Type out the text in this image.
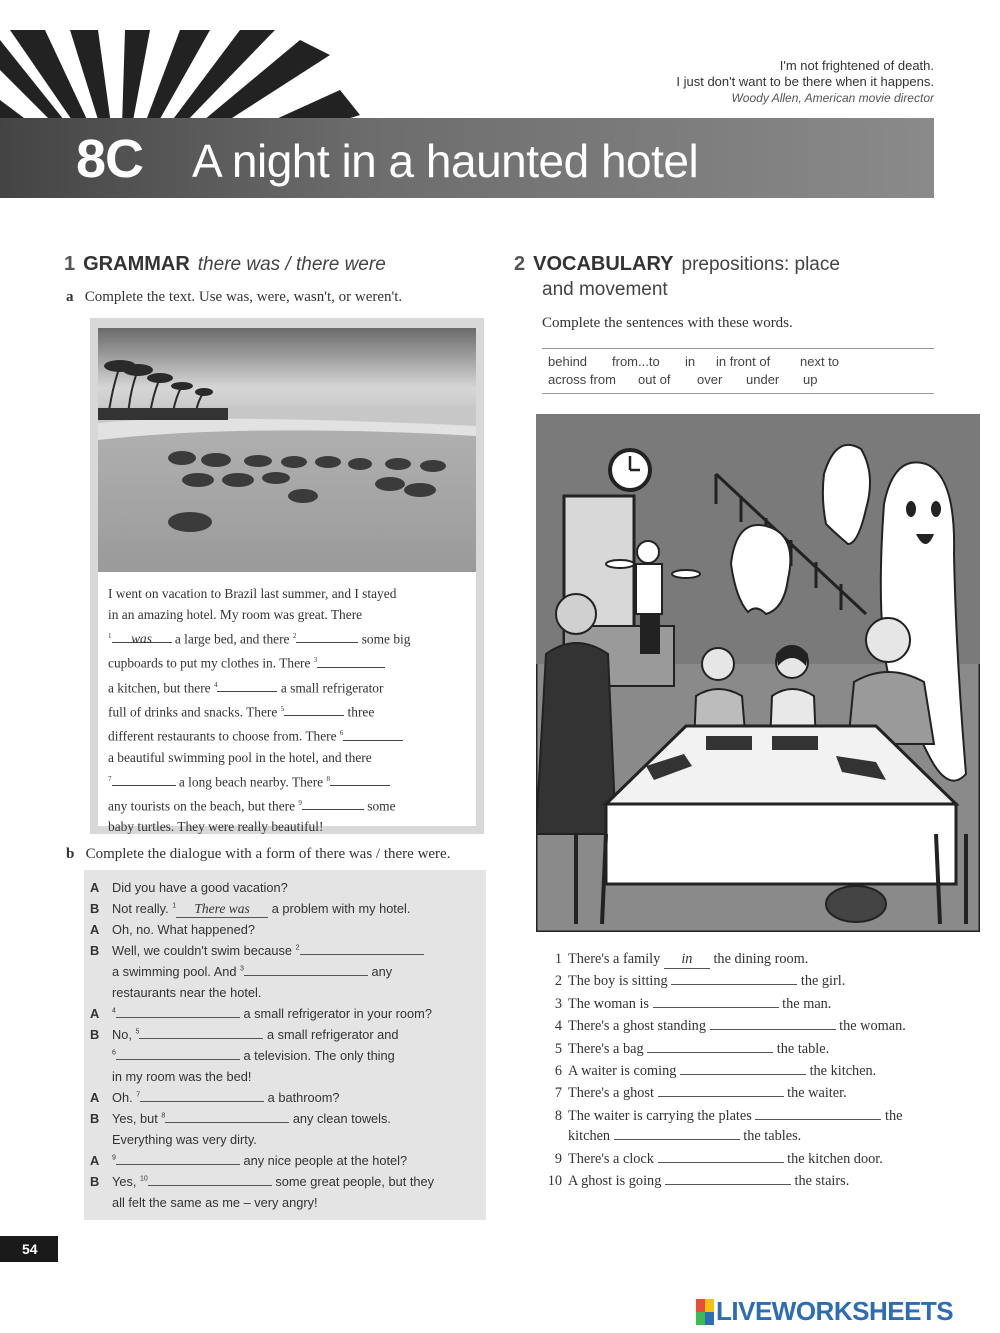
I'm not frightened of death.
I just don't want to be there when it happens.
Woody Allen, American movie director
8C A night in a haunted hotel
1 GRAMMAR there was / there were
a Complete the text. Use was, were, wasn't, or weren't.
I went on vacation to Brazil last summer, and I stayed
in an amazing hotel. My room was great. There
$^1$ was a large bed, and there $^2$	some big
cupboards to put my clothes in. There $^3$
a kitchen, but there $^4$	a small refrigerator
full of drinks and snacks. There $^5$	three
different restaurants to choose from. There $^6$
a beautiful swimming pool in the hotel, and there
$^7$	a long beach nearby. There $^8$
any tourists on the beach, but there $^9$	some
baby turtles. They were really beautiful!
b Complete the dialogue with a form of there was / there were.
A Did you have a good vacation?
B Not really. $^1$ There was a problem with my hotel.
A Oh, no. What happened?
B Well, we couldn't swim because $^2$
a swimming pool. And $^3$	any
restaurants near the hotel.
A $^4$	a small refrigerator in your room?
B No, $^5$	a small refrigerator and
$^6$	a television. The only thing
in my room was the bed!
A Oh. $^7$	a bathroom?
B Yes, but $^8$	any clean towels.
Everything was very dirty.
A $^9$	any nice people at the hotel?
B Yes, $^{10}$	some great people, but they
all felt the same as me – very angry!
2 VOCABULARY prepositions: place
and movement
Complete the sentences with these words.
behind from...to in in front of next to
across from out of over under up
1 There's a family in the dining room.
2 The boy is sitting	the girl.
3 The woman is	the man.
4 There's a ghost standing	the woman.
5 There's a bag	the table.
6 A waiter is coming	the kitchen.
7 There's a ghost	the waiter.
8 The waiter is carrying the plates	the
kitchen	the tables.
9 There's a clock	the kitchen door.
10 A ghost is going	the stairs.
54
LIVEWORKSHEETS
